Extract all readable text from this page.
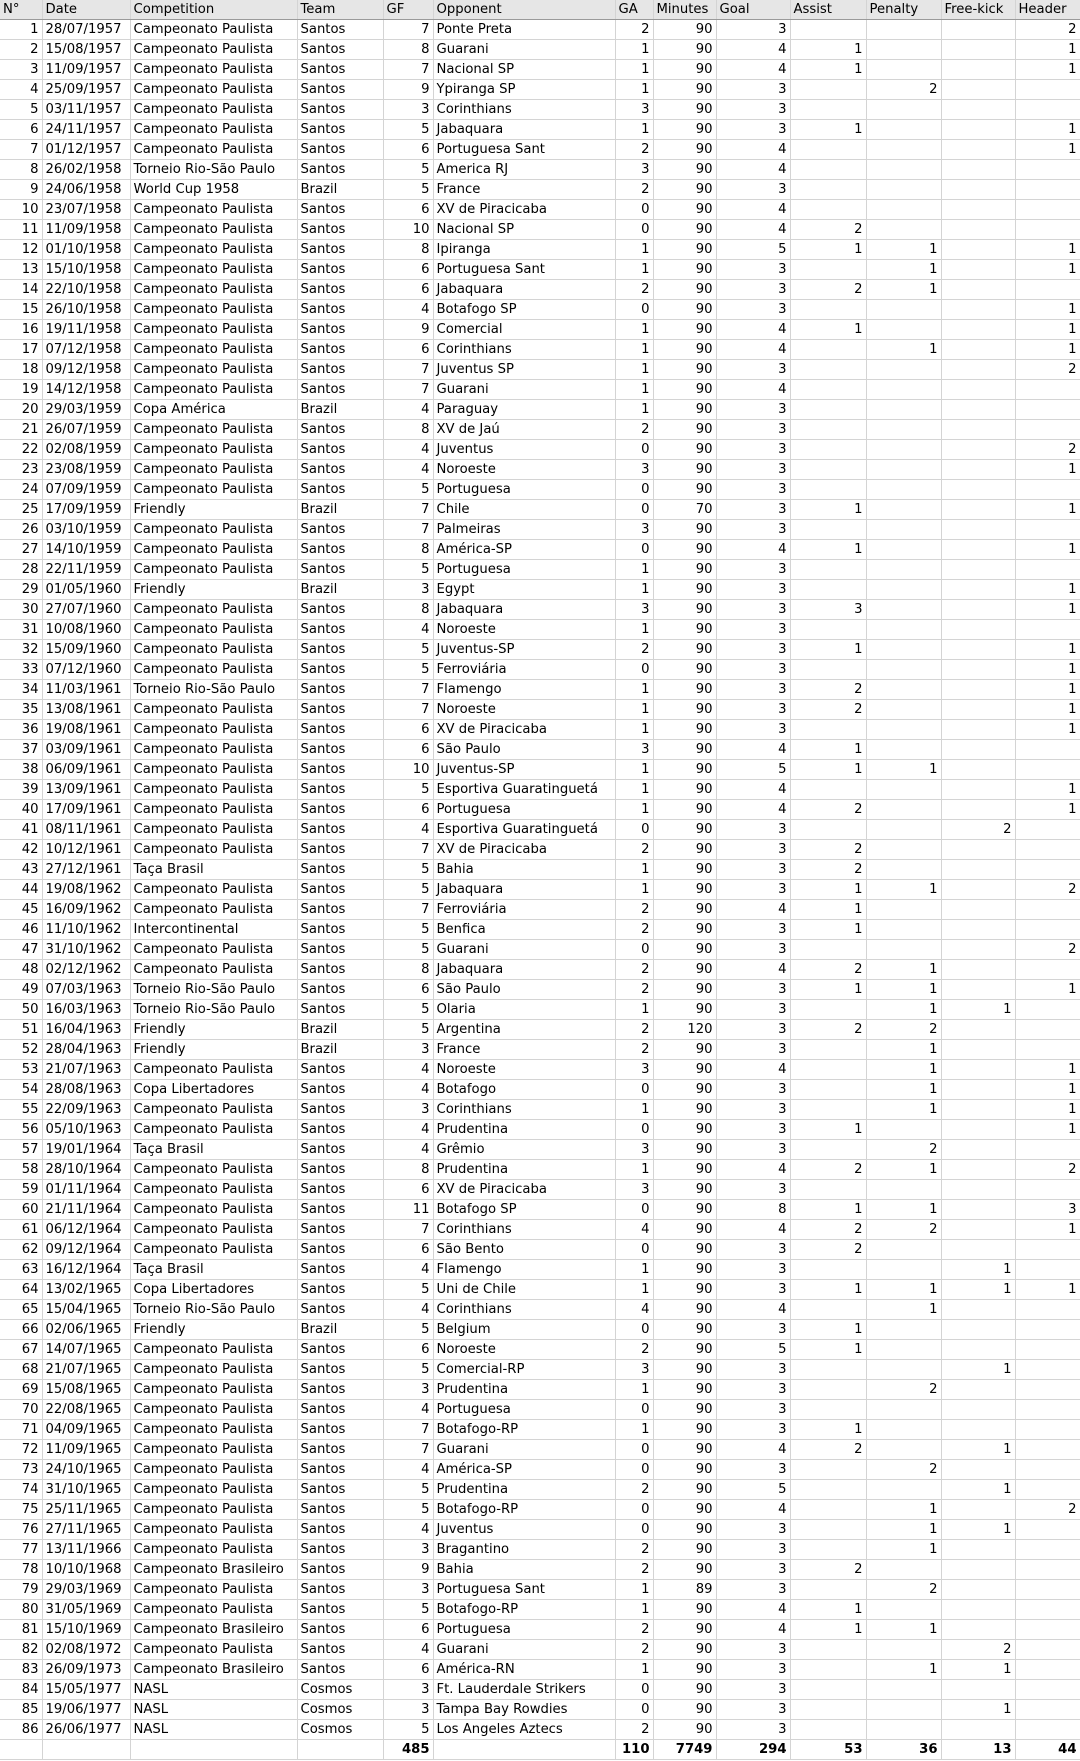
N°	Date	Competition	Team	GF	Opponent	GA	Minutes	Goal	Assist	Penalty	Free-kick	Header
1	28/07/1957	Campeonato Paulista	Santos	7	Ponte Preta	2	90	3				2
2	15/08/1957	Campeonato Paulista	Santos	8	Guarani	1	90	4	1			1
3	11/09/1957	Campeonato Paulista	Santos	7	Nacional SP	1	90	4	1			1
4	25/09/1957	Campeonato Paulista	Santos	9	Ypiranga SP	1	90	3		2		
5	03/11/1957	Campeonato Paulista	Santos	3	Corinthians	3	90	3				
6	24/11/1957	Campeonato Paulista	Santos	5	Jabaquara	1	90	3	1			1
7	01/12/1957	Campeonato Paulista	Santos	6	Portuguesa Sant	2	90	4				1
8	26/02/1958	Torneio Rio-São Paulo	Santos	5	America RJ	3	90	4				
9	24/06/1958	World Cup 1958	Brazil	5	France	2	90	3				
10	23/07/1958	Campeonato Paulista	Santos	6	XV de Piracicaba	0	90	4				
11	11/09/1958	Campeonato Paulista	Santos	10	Nacional SP	0	90	4	2			
12	01/10/1958	Campeonato Paulista	Santos	8	Ipiranga	1	90	5	1	1		1
13	15/10/1958	Campeonato Paulista	Santos	6	Portuguesa Sant	1	90	3		1		1
14	22/10/1958	Campeonato Paulista	Santos	6	Jabaquara	2	90	3	2	1		
15	26/10/1958	Campeonato Paulista	Santos	4	Botafogo SP	0	90	3				1
16	19/11/1958	Campeonato Paulista	Santos	9	Comercial	1	90	4	1			1
17	07/12/1958	Campeonato Paulista	Santos	6	Corinthians	1	90	4		1		1
18	09/12/1958	Campeonato Paulista	Santos	7	Juventus SP	1	90	3				2
19	14/12/1958	Campeonato Paulista	Santos	7	Guarani	1	90	4				
20	29/03/1959	Copa América	Brazil	4	Paraguay	1	90	3				
21	26/07/1959	Campeonato Paulista	Santos	8	XV de Jaú	2	90	3				
22	02/08/1959	Campeonato Paulista	Santos	4	Juventus	0	90	3				2
23	23/08/1959	Campeonato Paulista	Santos	4	Noroeste	3	90	3				1
24	07/09/1959	Campeonato Paulista	Santos	5	Portuguesa	0	90	3				
25	17/09/1959	Friendly	Brazil	7	Chile	0	70	3	1			1
26	03/10/1959	Campeonato Paulista	Santos	7	Palmeiras	3	90	3				
27	14/10/1959	Campeonato Paulista	Santos	8	América-SP	0	90	4	1			1
28	22/11/1959	Campeonato Paulista	Santos	5	Portuguesa	1	90	3				
29	01/05/1960	Friendly	Brazil	3	Egypt	1	90	3				1
30	27/07/1960	Campeonato Paulista	Santos	8	Jabaquara	3	90	3	3			1
31	10/08/1960	Campeonato Paulista	Santos	4	Noroeste	1	90	3				
32	15/09/1960	Campeonato Paulista	Santos	5	Juventus-SP	2	90	3	1			1
33	07/12/1960	Campeonato Paulista	Santos	5	Ferroviária	0	90	3				1
34	11/03/1961	Torneio Rio-São Paulo	Santos	7	Flamengo	1	90	3	2			1
35	13/08/1961	Campeonato Paulista	Santos	7	Noroeste	1	90	3	2			1
36	19/08/1961	Campeonato Paulista	Santos	6	XV de Piracicaba	1	90	3				1
37	03/09/1961	Campeonato Paulista	Santos	6	São Paulo	3	90	4	1			
38	06/09/1961	Campeonato Paulista	Santos	10	Juventus-SP	1	90	5	1	1		
39	13/09/1961	Campeonato Paulista	Santos	5	Esportiva Guaratinguetá	1	90	4				1
40	17/09/1961	Campeonato Paulista	Santos	6	Portuguesa	1	90	4	2			1
41	08/11/1961	Campeonato Paulista	Santos	4	Esportiva Guaratinguetá	0	90	3			2	
42	10/12/1961	Campeonato Paulista	Santos	7	XV de Piracicaba	2	90	3	2			
43	27/12/1961	Taça Brasil	Santos	5	Bahia	1	90	3	2			
44	19/08/1962	Campeonato Paulista	Santos	5	Jabaquara	1	90	3	1	1		2
45	16/09/1962	Campeonato Paulista	Santos	7	Ferroviária	2	90	4	1			
46	11/10/1962	Intercontinental	Santos	5	Benfica	2	90	3	1			
47	31/10/1962	Campeonato Paulista	Santos	5	Guarani	0	90	3				2
48	02/12/1962	Campeonato Paulista	Santos	8	Jabaquara	2	90	4	2	1		
49	07/03/1963	Torneio Rio-São Paulo	Santos	6	São Paulo	2	90	3	1	1		1
50	16/03/1963	Torneio Rio-São Paulo	Santos	5	Olaria	1	90	3		1	1	
51	16/04/1963	Friendly	Brazil	5	Argentina	2	120	3	2	2		
52	28/04/1963	Friendly	Brazil	3	France	2	90	3		1		
53	21/07/1963	Campeonato Paulista	Santos	4	Noroeste	3	90	4		1		1
54	28/08/1963	Copa Libertadores	Santos	4	Botafogo	0	90	3		1		1
55	22/09/1963	Campeonato Paulista	Santos	3	Corinthians	1	90	3		1		1
56	05/10/1963	Campeonato Paulista	Santos	4	Prudentina	0	90	3	1			1
57	19/01/1964	Taça Brasil	Santos	4	Grêmio	3	90	3		2		
58	28/10/1964	Campeonato Paulista	Santos	8	Prudentina	1	90	4	2	1		2
59	01/11/1964	Campeonato Paulista	Santos	6	XV de Piracicaba	3	90	3				
60	21/11/1964	Campeonato Paulista	Santos	11	Botafogo SP	0	90	8	1	1		3
61	06/12/1964	Campeonato Paulista	Santos	7	Corinthians	4	90	4	2	2		1
62	09/12/1964	Campeonato Paulista	Santos	6	São Bento	0	90	3	2			
63	16/12/1964	Taça Brasil	Santos	4	Flamengo	1	90	3			1	
64	13/02/1965	Copa Libertadores	Santos	5	Uni de Chile	1	90	3	1	1	1	1
65	15/04/1965	Torneio Rio-São Paulo	Santos	4	Corinthians	4	90	4		1		
66	02/06/1965	Friendly	Brazil	5	Belgium	0	90	3	1			
67	14/07/1965	Campeonato Paulista	Santos	6	Noroeste	2	90	5	1			
68	21/07/1965	Campeonato Paulista	Santos	5	Comercial-RP	3	90	3			1	
69	15/08/1965	Campeonato Paulista	Santos	3	Prudentina	1	90	3		2		
70	22/08/1965	Campeonato Paulista	Santos	4	Portuguesa	0	90	3				
71	04/09/1965	Campeonato Paulista	Santos	7	Botafogo-RP	1	90	3	1			
72	11/09/1965	Campeonato Paulista	Santos	7	Guarani	0	90	4	2		1	
73	24/10/1965	Campeonato Paulista	Santos	4	América-SP	0	90	3		2		
74	31/10/1965	Campeonato Paulista	Santos	5	Prudentina	2	90	5			1	
75	25/11/1965	Campeonato Paulista	Santos	5	Botafogo-RP	0	90	4		1		2
76	27/11/1965	Campeonato Paulista	Santos	4	Juventus	0	90	3		1	1	
77	13/11/1966	Campeonato Paulista	Santos	3	Bragantino	2	90	3		1		
78	10/10/1968	Campeonato Brasileiro	Santos	9	Bahia	2	90	3	2			
79	29/03/1969	Campeonato Paulista	Santos	3	Portuguesa Sant	1	89	3		2		
80	31/05/1969	Campeonato Paulista	Santos	5	Botafogo-RP	1	90	4	1			
81	15/10/1969	Campeonato Brasileiro	Santos	6	Portuguesa	2	90	4	1	1		
82	02/08/1972	Campeonato Paulista	Santos	4	Guarani	2	90	3			2	
83	26/09/1973	Campeonato Brasileiro	Santos	6	América-RN	1	90	3		1	1	
84	15/05/1977	NASL	Cosmos	3	Ft. Lauderdale Strikers	0	90	3				
85	19/06/1977	NASL	Cosmos	3	Tampa Bay Rowdies	0	90	3			1	
86	26/06/1977	NASL	Cosmos	5	Los Angeles Aztecs	2	90	3				
				485		110	7749	294	53	36	13	44
